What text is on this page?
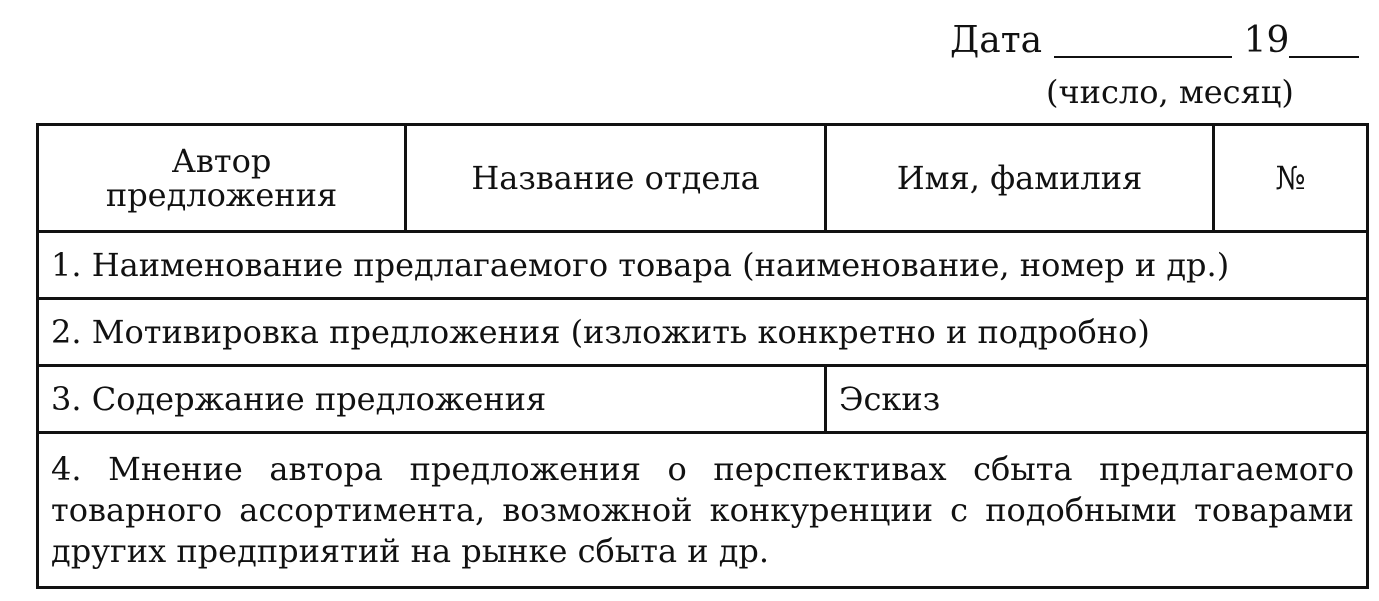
Дата	19
(число, месяц)
Автор предложения	Название отдела	Имя, фамилия	№
1. Наименование предлагаемого товара (наименование, номер и др.)			
2. Мотивировка предложения (изложить конкретно и подробно)			
3. Содержание предложения		Эскиз	
4. Мнение автора предложения о перспективах сбыта предлагаемого товарного ассортимента, возможной конкуренции с подобными товарами других предприятий на рынке сбыта и др.			
